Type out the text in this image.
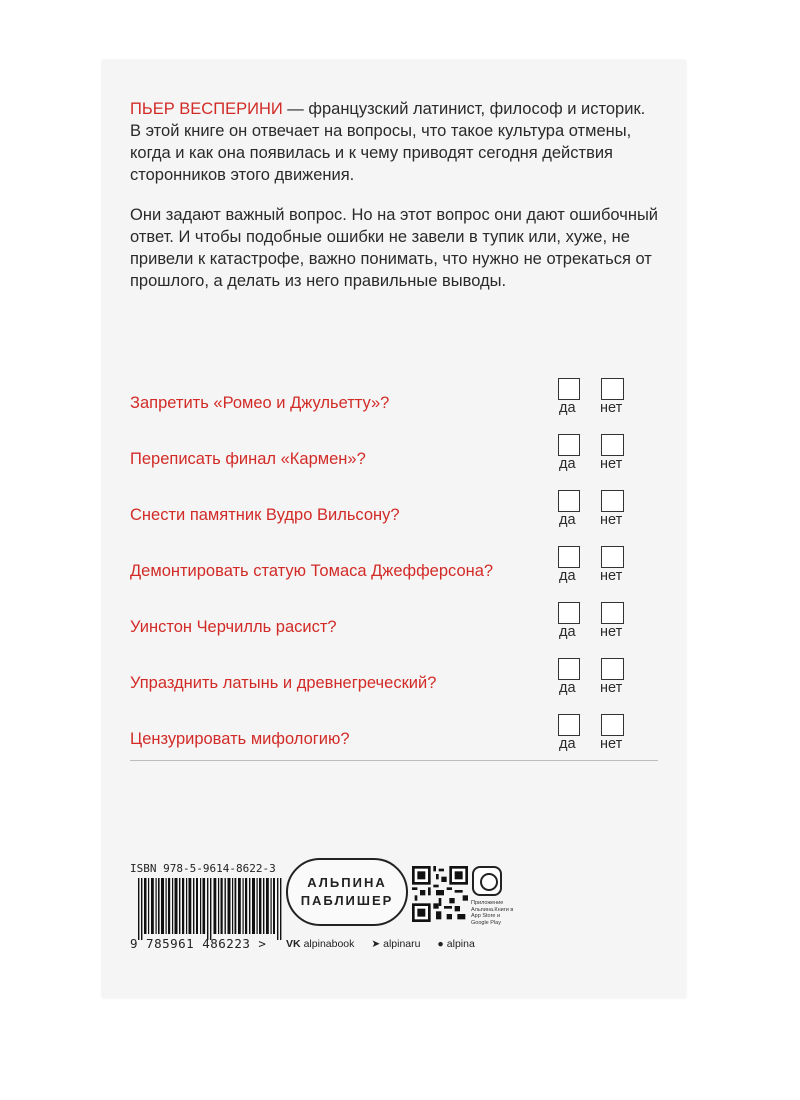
ПЬЕР ВЕСПЕРИНИ — французский латинист, философ и историк. В этой книге он отвечает на вопросы, что такое культура отмены, когда и как она появилась и к чему приводят сегодня действия сторонников этого движения.

Они задают важный вопрос. Но на этот вопрос они дают ошибочный ответ. И чтобы подобные ошибки не завели в тупик или, хуже, не привели к катастрофе, важно понимать, что нужно не отрекаться от прошлого, а делать из него правильные выводы.

Запретить «Ромео и Джульетту»?	да нет
Переписать финал «Кармен»?	да нет
Снести памятник Вудро Вильсону?	да нет
Демонтировать статую Томаса Джефферсона?	да нет
Уинстон Черчилль расист?	да нет
Упразднить латынь и древнегреческий?	да нет
Цензурировать мифологию?	да нет
ISBN 978-5-9614-8622-3
9 785961 486223 >
АЛЬПИНА
ПАБЛИШЕР	Приложение Альпина.Книги в App Store и Google Play
VK alpinabook ➤ alpinaru ● alpina
